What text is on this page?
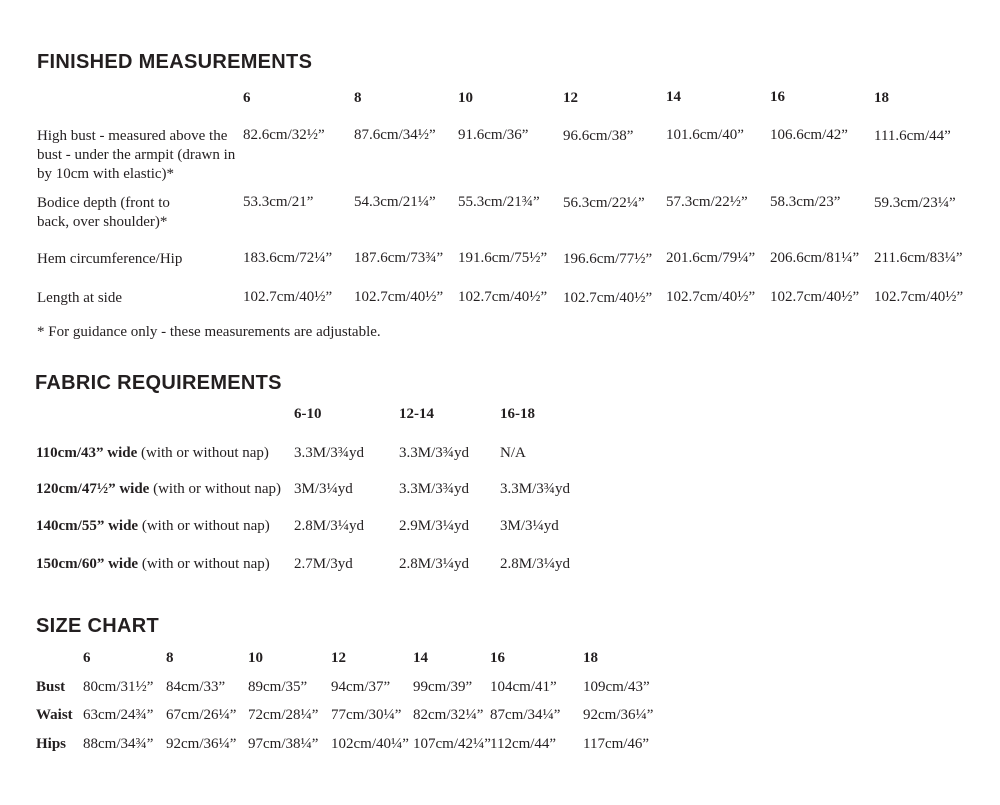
FINISHED MEASUREMENTS
6	8	10	12	14	16	18
High bust - measured above the bust - under the armpit (drawn in by 10cm with elastic)*
82.6cm/32½” 87.6cm/34½” 91.6cm/36” 96.6cm/38” 101.6cm/40” 106.6cm/42” 111.6cm/44”
Bodice depth (front to back, over shoulder)*
53.3cm/21”	54.3cm/21¼” 55.3cm/21¾” 56.3cm/22¼” 57.3cm/22½” 58.3cm/23” 59.3cm/23¼”
Hem circumference/Hip	183.6cm/72¼” 187.6cm/73¾” 191.6cm/75½” 196.6cm/77½” 201.6cm/79¼” 206.6cm/81¼” 211.6cm/83¼”
Length at side	102.7cm/40½” 102.7cm/40½” 102.7cm/40½” 102.7cm/40½” 102.7cm/40½” 102.7cm/40½” 102.7cm/40½”
* For guidance only - these measurements are adjustable.
FABRIC REQUIREMENTS
6-10	12-14	16-18
110cm/43” wide (with or without nap) 3.3M/3¾yd 3.3M/3¾yd N/A
120cm/47½” wide (with or without nap) 3M/3¼yd	3.3M/3¾yd 3.3M/3¾yd
140cm/55” wide (with or without nap) 2.8M/3¼yd 2.9M/3¼yd 3M/3¼yd
150cm/60” wide (with or without nap) 2.7M/3yd	2.8M/3¼yd 2.8M/3¼yd
SIZE CHART
6	8	10	12	14	16	18
Bust 80cm/31½” 84cm/33” 89cm/35” 94cm/37” 99cm/39” 104cm/41” 109cm/43”
Waist 63cm/24¾” 67cm/26¼” 72cm/28¼” 77cm/30¼” 82cm/32¼” 87cm/34¼” 92cm/36¼”
Hips 88cm/34¾” 92cm/36¼” 97cm/38¼” 102cm/40¼” 107cm/42¼” 112cm/44” 117cm/46”
